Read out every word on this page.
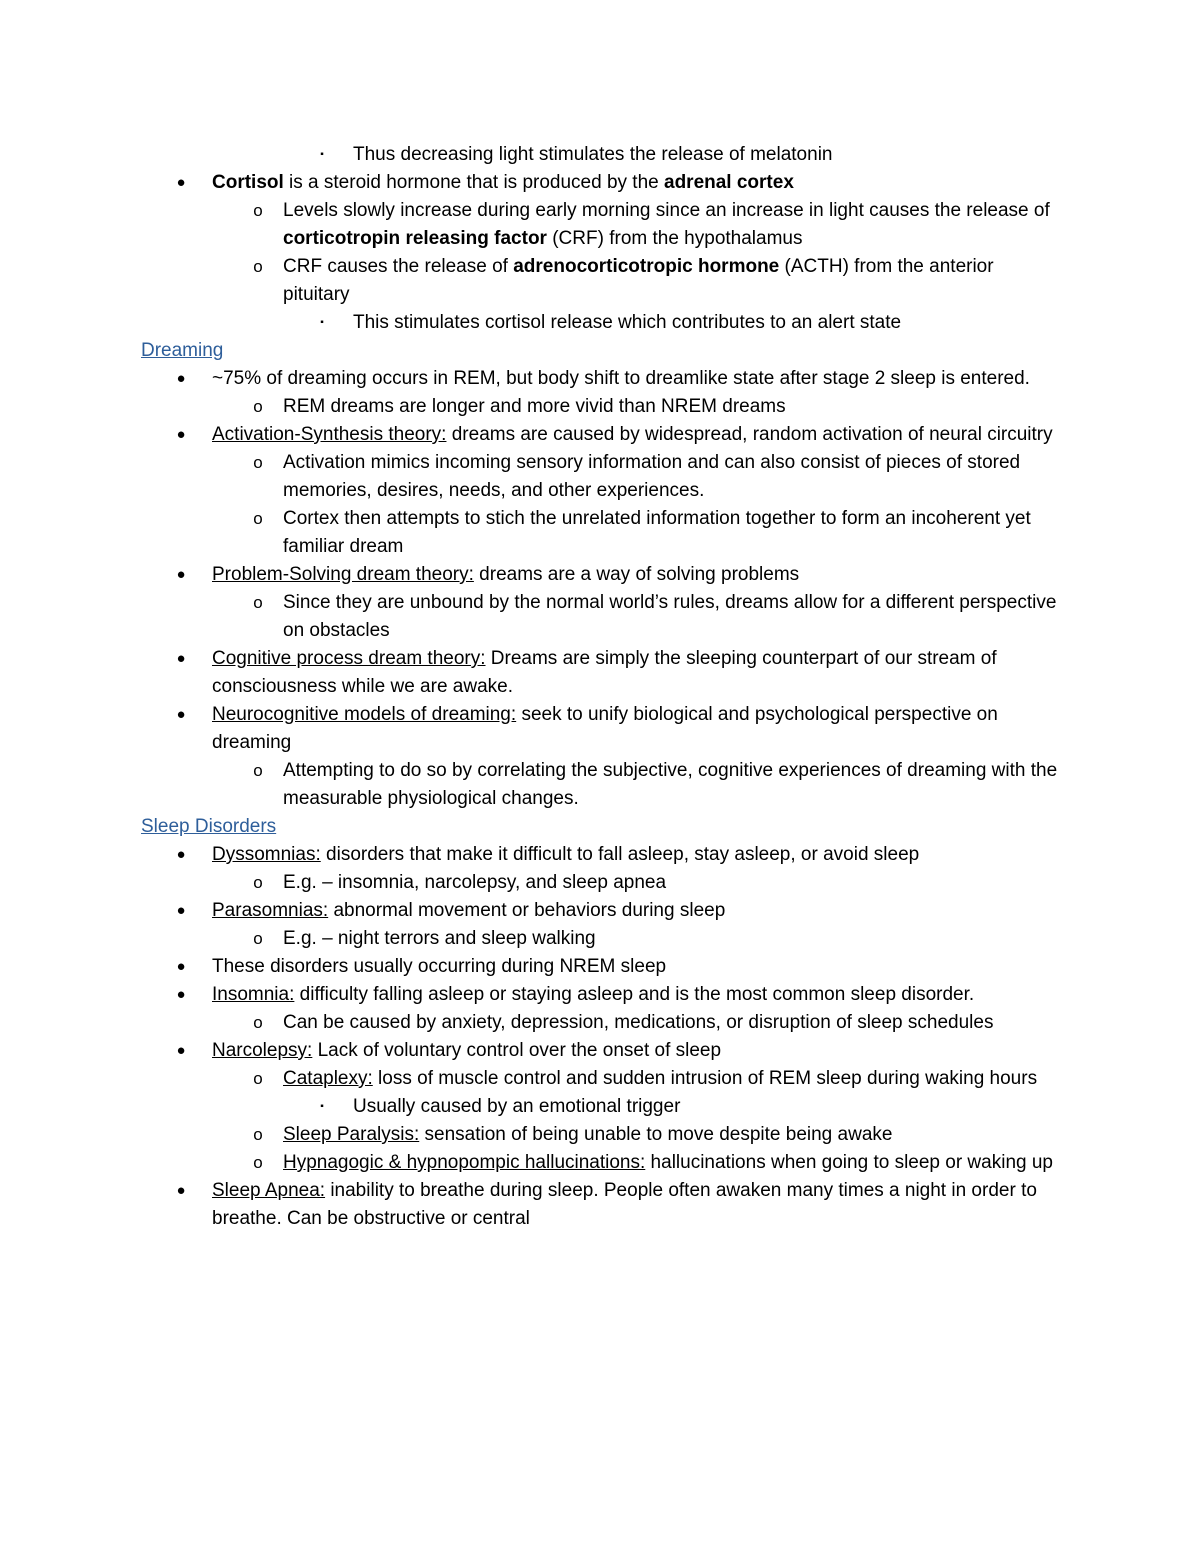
▪	Thus decreasing light stimulates the release of melatonin
● Cortisol is a steroid hormone that is produced by the adrenal cortex
o Levels slowly increase during early morning since an increase in light causes the release of corticotropin releasing factor (CRF) from the hypothalamus
o CRF causes the release of adrenocorticotropic hormone (ACTH) from the anterior pituitary
▪	This stimulates cortisol release which contributes to an alert state
Dreaming
● ~75% of dreaming occurs in REM, but body shift to dreamlike state after stage 2 sleep is entered.
o REM dreams are longer and more vivid than NREM dreams
● Activation-Synthesis theory: dreams are caused by widespread, random activation of neural circuitry
o Activation mimics incoming sensory information and can also consist of pieces of stored memories, desires, needs, and other experiences.
o Cortex then attempts to stich the unrelated information together to form an incoherent yet familiar dream
● Problem-Solving dream theory: dreams are a way of solving problems
o Since they are unbound by the normal world’s rules, dreams allow for a different perspective on obstacles
● Cognitive process dream theory: Dreams are simply the sleeping counterpart of our stream of consciousness while we are awake.
● Neurocognitive models of dreaming: seek to unify biological and psychological perspective on dreaming
o Attempting to do so by correlating the subjective, cognitive experiences of dreaming with the measurable physiological changes.
Sleep Disorders
● Dyssomnias: disorders that make it difficult to fall asleep, stay asleep, or avoid sleep
o E.g. – insomnia, narcolepsy, and sleep apnea
● Parasomnias: abnormal movement or behaviors during sleep
o E.g. – night terrors and sleep walking
● These disorders usually occurring during NREM sleep
● Insomnia: difficulty falling asleep or staying asleep and is the most common sleep disorder.
o Can be caused by anxiety, depression, medications, or disruption of sleep schedules
● Narcolepsy: Lack of voluntary control over the onset of sleep
o Cataplexy: loss of muscle control and sudden intrusion of REM sleep during waking hours
▪	Usually caused by an emotional trigger
o Sleep Paralysis: sensation of being unable to move despite being awake
o Hypnagogic & hypnopompic hallucinations: hallucinations when going to sleep or waking up
● Sleep Apnea: inability to breathe during sleep. People often awaken many times a night in order to breathe. Can be obstructive or central
